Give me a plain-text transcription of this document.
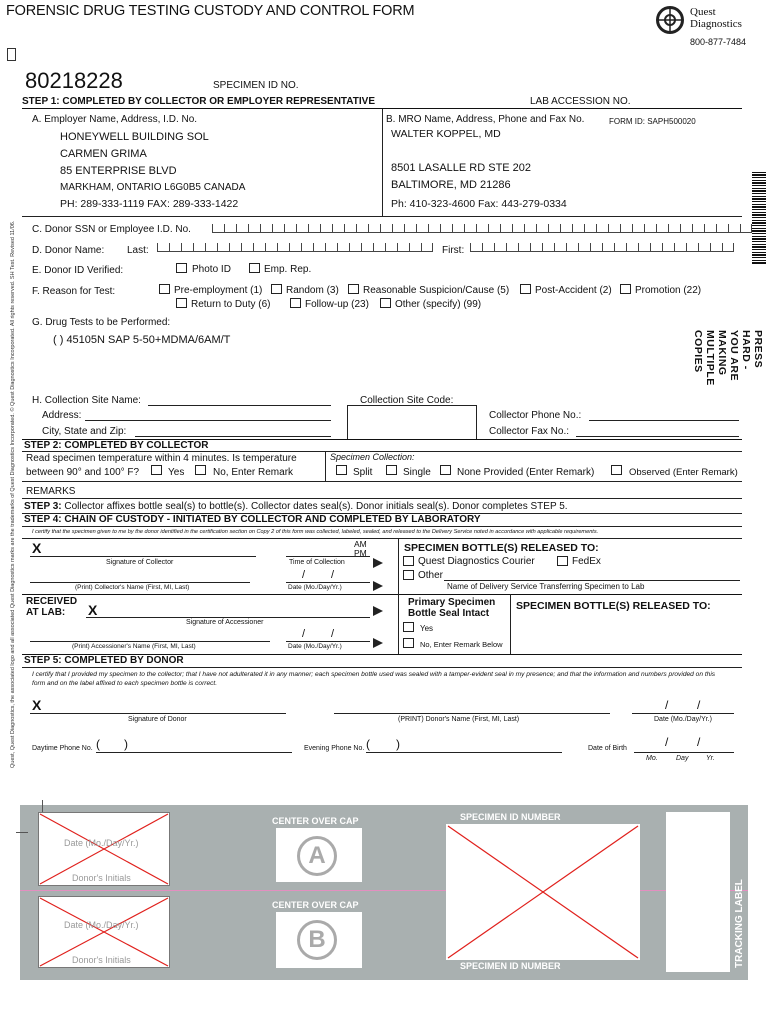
FORENSIC DRUG TESTING CUSTODY AND CONTROL FORM	Quest
Diagnostics
800-877-7484
80218228	SPECIMEN ID NO.
STEP 1: COMPLETED BY COLLECTOR OR EMPLOYER REPRESENTATIVE	LAB ACCESSION NO.
A. Employer Name, Address, I.D. No.
HONEYWELL BUILDING SOL
CARMEN GRIMA
85 ENTERPRISE BLVD
MARKHAM, ONTARIO L6G0B5 CANADA
PH: 289-333-1119 FAX: 289-333-1422
B. MRO Name, Address, Phone and Fax No.	FORM ID: SAPH500020
WALTER KOPPEL, MD
8501 LASALLE RD STE 202
BALTIMORE, MD 21286
Ph: 410-323-4600 Fax: 443-279-0334
C. Donor SSN or Employee I.D. No.
D. Donor Name: Last:	First:
E. Donor ID Verified:	Photo ID	Emp. Rep.
F. Reason for Test:	Pre-employment (1) Random (3) Reasonable Suspicion/Cause (5)	Post-Accident (2) Promotion (22)
Return to Duty (6)	Follow-up (23)	Other (specify) (99)
G. Drug Tests to be Performed:
( ) 45105N SAP 5-50+MDMA/6AM/T
H. Collection Site Name:
Address:
City, State and Zip:
Collection Site Code:
Collector Phone No.:
Collector Fax No.:
STEP 2: COMPLETED BY COLLECTOR
Read specimen temperature within 4 minutes. Is temperature
between 90° and 100° F?	Yes	No, Enter Remark
Specimen Collection:
Split	Single	None Provided (Enter Remark)	Observed (Enter Remark)
REMARKS
STEP 3: Collector affixes bottle seal(s) to bottle(s). Collector dates seal(s). Donor initials seal(s). Donor completes STEP 5.
STEP 4: CHAIN OF CUSTODY - INITIATED BY COLLECTOR AND COMPLETED BY LABORATORY
I certify that the specimen given to me by the donor identified in the certification section on Copy 2 of this form was collected, labeled, sealed, and released to the Delivery Service noted in accordance with applicable requirements.
X
Signature of Collector
AM
PM
Time of Collection
/ /
(Print) Collector's Name (First, MI, Last)	Date (Mo./Day/Yr.)
SPECIMEN BOTTLE(S) RELEASED TO:
Quest Diagnostics Courier	FedEx
Other
Name of Delivery Service Transferring Specimen to Lab
RECEIVED
AT LAB: X
Signature of Accessioner
/ /
(Print) Accessioner's Name (First, MI, Last)	Date (Mo./Day/Yr.)
Primary Specimen
Bottle Seal Intact
Yes
No, Enter Remark Below
SPECIMEN BOTTLE(S) RELEASED TO:
STEP 5: COMPLETED BY DONOR
I certify that I provided my specimen to the collector; that I have not adulterated it in any manner; each specimen bottle used was sealed with a tamper-evident seal in my presence; and that the information and numbers provided on this form and on the label affixed to each specimen bottle is correct.
X
Signature of Donor	(PRINT) Donor's Name (First, MI, Last)
/ /
Date (Mo./Day/Yr.)
Daytime Phone No. ( )	Evening Phone No. ( )	Date of Birth	/ /
Mo.	Day	Yr.
PRESS HARD - YOU ARE MAKING MULTIPLE COPIES
Quest, Quest Diagnostics, the associated logo and all associated Quest Diagnostics marks are the trademarks of Quest Diagnostics Incorporated. © Quest Diagnostics Incorporated. All rights reserved. SH Test. Revised 11/06.
Date (Mo./Day/Yr.)
Donor's Initials
Date (Mo./Day/Yr.)
Donor's Initials
CENTER OVER CAP
A
CENTER OVER CAP
B
SPECIMEN ID NUMBER
SPECIMEN ID NUMBER	TRACKING LABEL
